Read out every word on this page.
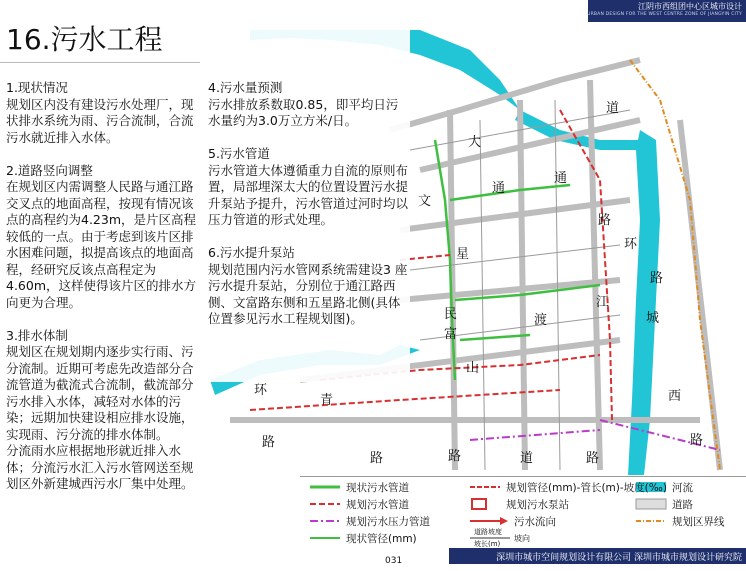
大
通
道
文
通
路
环
星
路
江
民	城
富
渡
山
环	西
青
路
路
路	路	道	路
江阴市西组团中心区城市设计
URBAN DESIGN FOR THE WEST CENTRE ZONE OF JIANGYIN CITY
16.污水工程

1.现状情况

规划区内没有建设污水处理厂，现状排水系统为雨、污合流制，合流污水就近排入水体。

2.道路竖向调整

在规划区内需调整人民路与通江路交叉点的地面高程，按现有情况该点的高程约为4.23m，是片区高程较低的一点。由于考虑到该片区排水困难问题，拟提高该点的地面高程，经研究反该点高程定为4.60m，这样使得该片区的排水方向更为合理。

3.排水体制

规划区在规划期内逐步实行雨、污分流制。近期可考虑先改造部分合流管道为截流式合流制，截流部分污水排入水体，减轻对水体的污染；远期加快建设相应排水设施，实现雨、污分流的排水体制。

分流雨水应根据地形就近排入水体；分流污水汇入污水管网送至规划区外新建城西污水厂集中处理。

4.污水量预测

污水排放系数取0.85，即平均日污水量约为3.0万立方米/日。

5.污水管道

污水管道大体遵循重力自流的原则布置，局部埋深太大的位置设置污水提升泵站予提升，污水管道过河时均以压力管道的形式处理。

6.污水提升泵站

规划范围内污水管网系统需建设3 座污水提升泵站，分别位于通江路西侧、文富路东侧和五星路北侧(具体位置参见污水工程规划图)。

现状污水管道	规划管径(mm)-管长(m)-坡度(‰) 河流
规划污水管道	规划污水泵站	道路
规划污水压力管道	污水流向	规划区界线
现状管径(mm)
道路坡度
坡长(m)
坡向
深圳市城市空间规划设计有限公司 深圳市城市规划设计研究院
031
